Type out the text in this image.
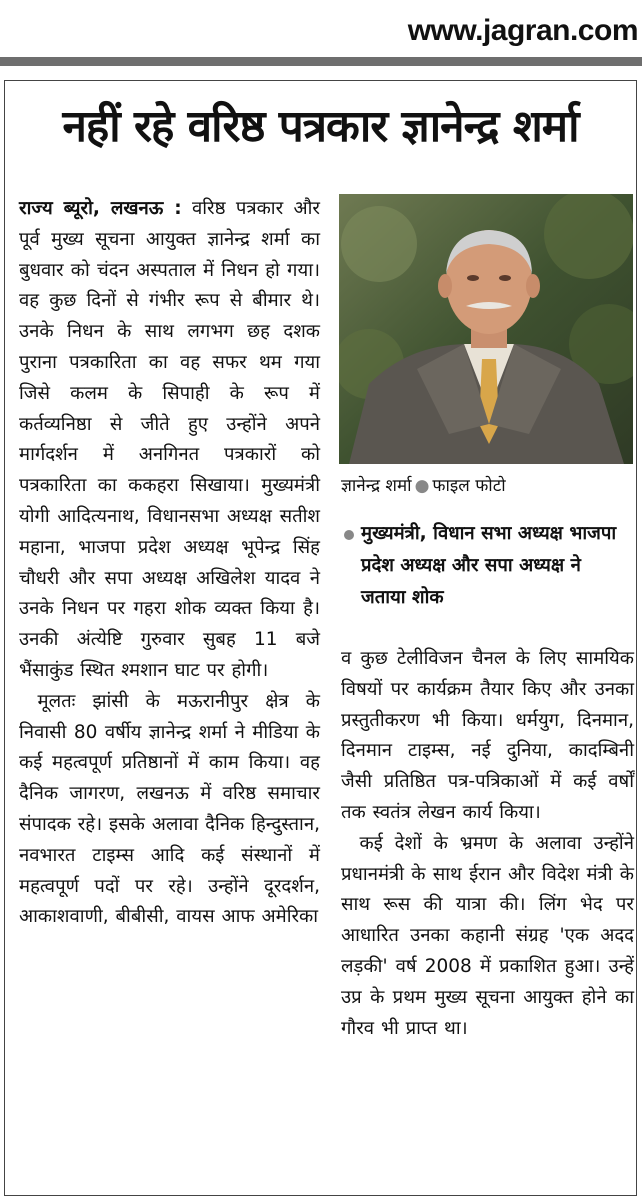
www.jagran.com
नहीं रहे वरिष्ठ पत्रकार ज्ञानेन्द्र शर्मा

राज्य ब्यूरो, लखनऊ : वरिष्ठ पत्रकार और पूर्व मुख्य सूचना आयुक्त ज्ञानेन्द्र शर्मा का बुधवार को चंदन अस्पताल में निधन हो गया। वह कुछ दिनों से गंभीर रूप से बीमार थे। उनके निधन के साथ लगभग छह दशक पुराना पत्रकारिता का वह सफर थम गया जिसे कलम के सिपाही के रूप में कर्तव्यनिष्ठा से जीते हुए उन्होंने अपने मार्गदर्शन में अनगिनत पत्रकारों को पत्रकारिता का ककहरा सिखाया। मुख्यमंत्री योगी आदित्यनाथ, विधानसभा अध्यक्ष सतीश महाना, भाजपा प्रदेश अध्यक्ष भूपेन्द्र सिंह चौधरी और सपा अध्यक्ष अखिलेश यादव ने उनके निधन पर गहरा शोक व्यक्त किया है। उनकी अंत्येष्टि गुरुवार सुबह 11 बजे भैंसाकुंड स्थित श्मशान घाट पर होगी।

मूलतः झांसी के मऊरानीपुर क्षेत्र के निवासी 80 वर्षीय ज्ञानेन्द्र शर्मा ने मीडिया के कई महत्वपूर्ण प्रतिष्ठानों में काम किया। वह दैनिक जागरण, लखनऊ में वरिष्ठ समाचार संपादक रहे। इसके अलावा दैनिक हिन्दुस्तान, नवभारत टाइम्स आदि कई संस्थानों में महत्वपूर्ण पदों पर रहे। उन्होंने दूरदर्शन, आकाशवाणी, बीबीसी, वायस आफ अमेरिका

ज्ञानेन्द्र शर्मा ● फाइल फोटो
मुख्यमंत्री, विधान सभा अध्यक्ष भाजपा प्रदेश अध्यक्ष और सपा अध्यक्ष ने जताया शोक

व कुछ टेलीविजन चैनल के लिए सामयिक विषयों पर कार्यक्रम तैयार किए और उनका प्रस्तुतीकरण भी किया। धर्मयुग, दिनमान, दिनमान टाइम्स, नई दुनिया, कादम्बिनी जैसी प्रतिष्ठित पत्र-पत्रिकाओं में कई वर्षों तक स्वतंत्र लेखन कार्य किया।

कई देशों के भ्रमण के अलावा उन्होंने प्रधानमंत्री के साथ ईरान और विदेश मंत्री के साथ रूस की यात्रा की। लिंग भेद पर आधारित उनका कहानी संग्रह 'एक अदद लड़की' वर्ष 2008 में प्रकाशित हुआ। उन्हें उप्र के प्रथम मुख्य सूचना आयुक्त होने का गौरव भी प्राप्त था।
